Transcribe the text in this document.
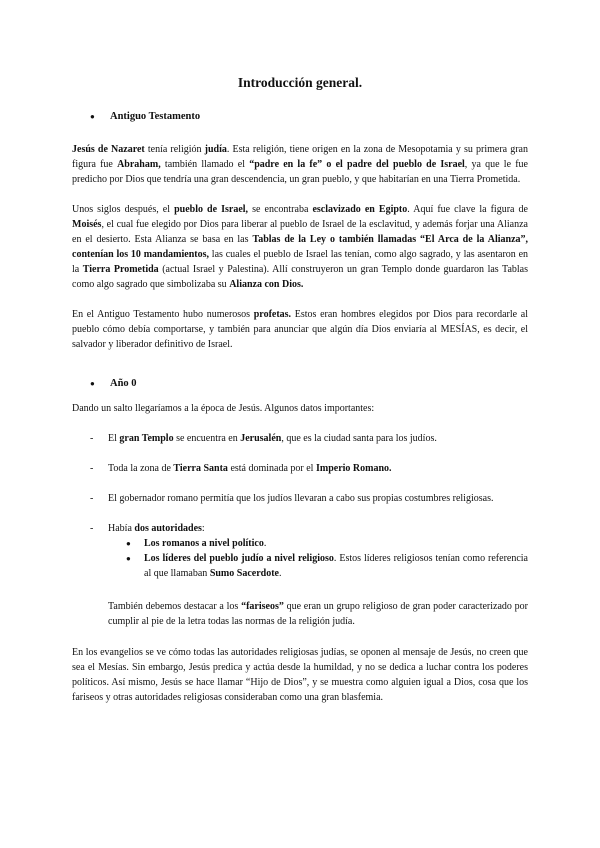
Introducción general.
●	Antiguo Testamento

Jesús de Nazaret tenía religión judía. Esta religión, tiene origen en la zona de Mesopotamia y su primera gran figura fue Abraham, también llamado el “padre en la fe” o el padre del pueblo de Israel, ya que le fue predicho por Dios que tendría una gran descendencia, un gran pueblo, y que habitarían en una Tierra Prometida.

Unos siglos después, el pueblo de Israel, se encontraba esclavizado en Egipto. Aquí fue clave la figura de Moisés, el cual fue elegido por Dios para liberar al pueblo de Israel de la esclavitud, y además forjar una Alianza en el desierto. Esta Alianza se basa en las Tablas de la Ley o también llamadas “El Arca de la Alianza”, contenían los 10 mandamientos, las cuales el pueblo de Israel las tenían, como algo sagrado, y las asentaron en la Tierra Prometida (actual Israel y Palestina). Allí construyeron un gran Templo donde guardaron las Tablas como algo sagrado que simbolizaba su Alianza con Dios.

En el Antiguo Testamento hubo numerosos profetas. Estos eran hombres elegidos por Dios para recordarle al pueblo cómo debía comportarse, y también para anunciar que algún día Dios enviaría al MESÍAS, es decir, el salvador y liberador definitivo de Israel.

●	Año 0

Dando un salto llegaríamos a la época de Jesús. Algunos datos importantes:

-	El gran Templo se encuentra en Jerusalén, que es la ciudad santa para los judíos.
-	Toda la zona de Tierra Santa está dominada por el Imperio Romano.
-	El gobernador romano permitía que los judíos llevaran a cabo sus propias costumbres religiosas.
-	Había dos autoridades:
●	Los romanos a nivel político.
●	Los líderes del pueblo judío a nivel religioso. Estos líderes religiosos tenían como referencia al que llamaban Sumo Sacerdote.

También debemos destacar a los “fariseos” que eran un grupo religioso de gran poder caracterizado por cumplir al pie de la letra todas las normas de la religión judía.

En los evangelios se ve cómo todas las autoridades religiosas judías, se oponen al mensaje de Jesús, no creen que sea el Mesías. Sin embargo, Jesús predica y actúa desde la humildad, y no se dedica a luchar contra los poderes políticos. Así mismo, Jesús se hace llamar “Hijo de Dios”, y se muestra como alguien igual a Dios, cosa que los fariseos y otras autoridades religiosas consideraban como una gran blasfemia.
